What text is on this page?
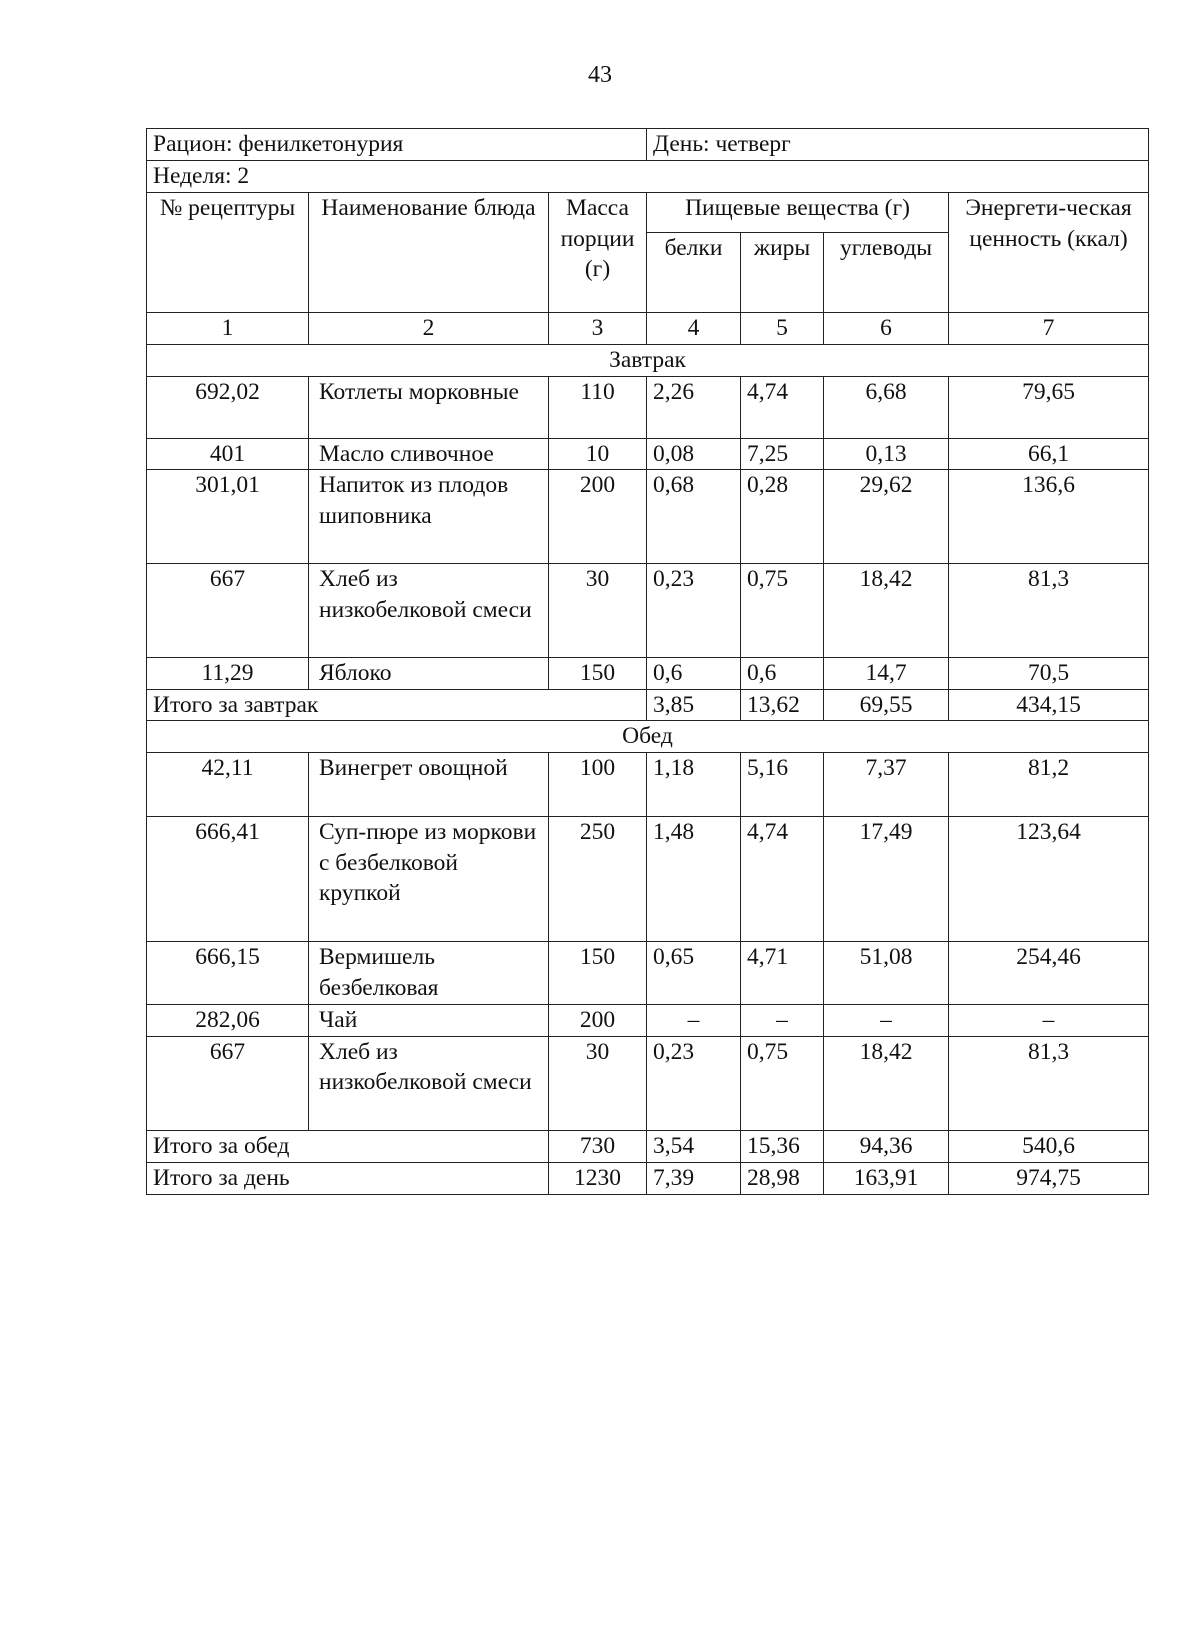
43
Рацион: фенилкетонурия			День: четверг			
Неделя: 2						
№ рецептуры	Наименование блюда	Масса порции (г)	Пищевые вещества (г)			Энергети-ческая ценность (ккал)
			белки	жиры	углеводы	
1	2	3	4	5	6	7
Завтрак						
692,02	Котлеты морковные	110	2,26	4,74	6,68	79,65
401	Масло сливочное	10	0,08	7,25	0,13	66,1
301,01	Напиток из плодов шиповника	200	0,68	0,28	29,62	136,6
667	Хлеб из низкобелковой смеси	30	0,23	0,75	18,42	81,3
11,29	Яблоко	150	0,6	0,6	14,7	70,5
Итого за завтрак			3,85	13,62	69,55	434,15
Обед						
42,11	Винегрет овощной	100	1,18	5,16	7,37	81,2
666,41	Суп-пюре из моркови с безбелковой крупкой	250	1,48	4,74	17,49	123,64
666,15	Вермишель безбелковая	150	0,65	4,71	51,08	254,46
282,06	Чай	200	–	–	–	–
667	Хлеб из низкобелковой смеси	30	0,23	0,75	18,42	81,3
Итого за обед		730	3,54	15,36	94,36	540,6
Итого за день		1230	7,39	28,98	163,91	974,75
